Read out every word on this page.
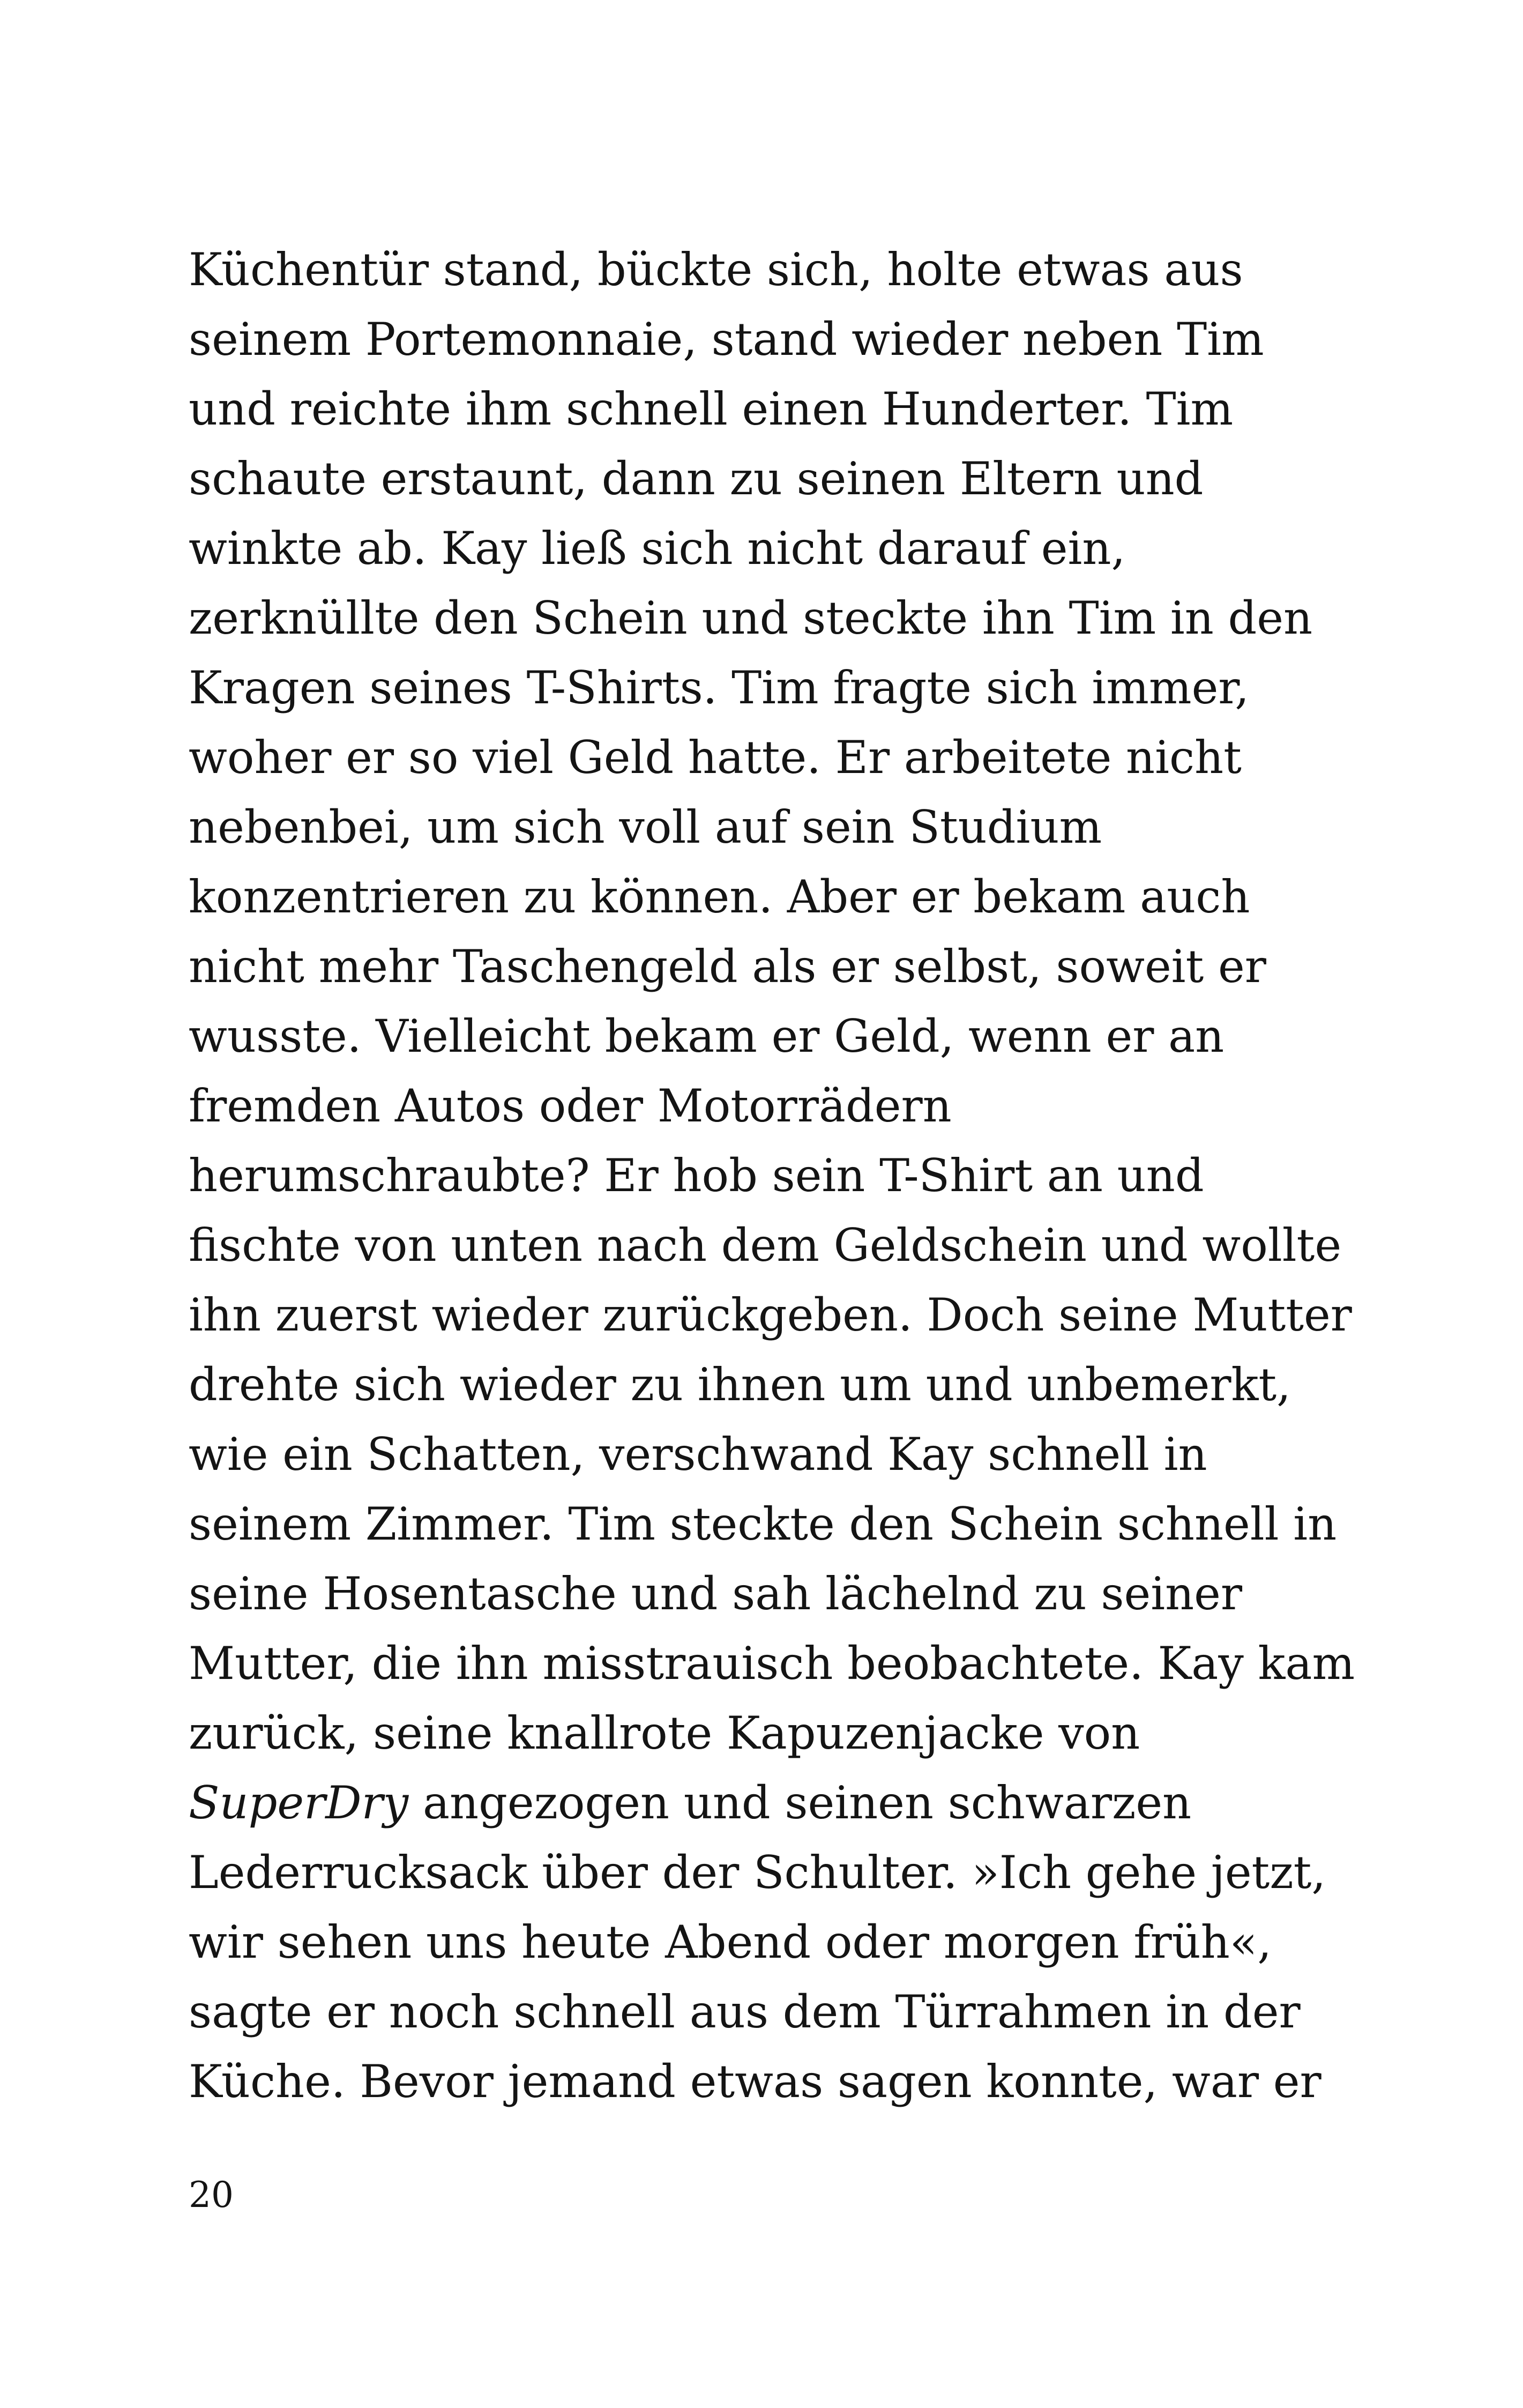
Küchentür stand, bückte sich, holte etwas aus
seinem Portemonnaie, stand wieder neben Tim
und reichte ihm schnell einen Hunderter. Tim
schaute erstaunt, dann zu seinen Eltern und
winkte ab. Kay ließ sich nicht darauf ein,
zerknüllte den Schein und steckte ihn Tim in den
Kragen seines T-Shirts. Tim fragte sich immer,
woher er so viel Geld hatte. Er arbeitete nicht
nebenbei, um sich voll auf sein Studium
konzentrieren zu können. Aber er bekam auch
nicht mehr Taschengeld als er selbst, soweit er
wusste. Vielleicht bekam er Geld, wenn er an
fremden Autos oder Motorrädern
herumschraubte? Er hob sein T-Shirt an und
fischte von unten nach dem Geldschein und wollte
ihn zuerst wieder zurückgeben. Doch seine Mutter
drehte sich wieder zu ihnen um und unbemerkt,
wie ein Schatten, verschwand Kay schnell in
seinem Zimmer. Tim steckte den Schein schnell in
seine Hosentasche und sah lächelnd zu seiner
Mutter, die ihn misstrauisch beobachtete. Kay kam
zurück, seine knallrote Kapuzenjacke von
SuperDry angezogen und seinen schwarzen
Lederrucksack über der Schulter. »Ich gehe jetzt,
wir sehen uns heute Abend oder morgen früh«,
sagte er noch schnell aus dem Türrahmen in der
Küche. Bevor jemand etwas sagen konnte, war er
20
